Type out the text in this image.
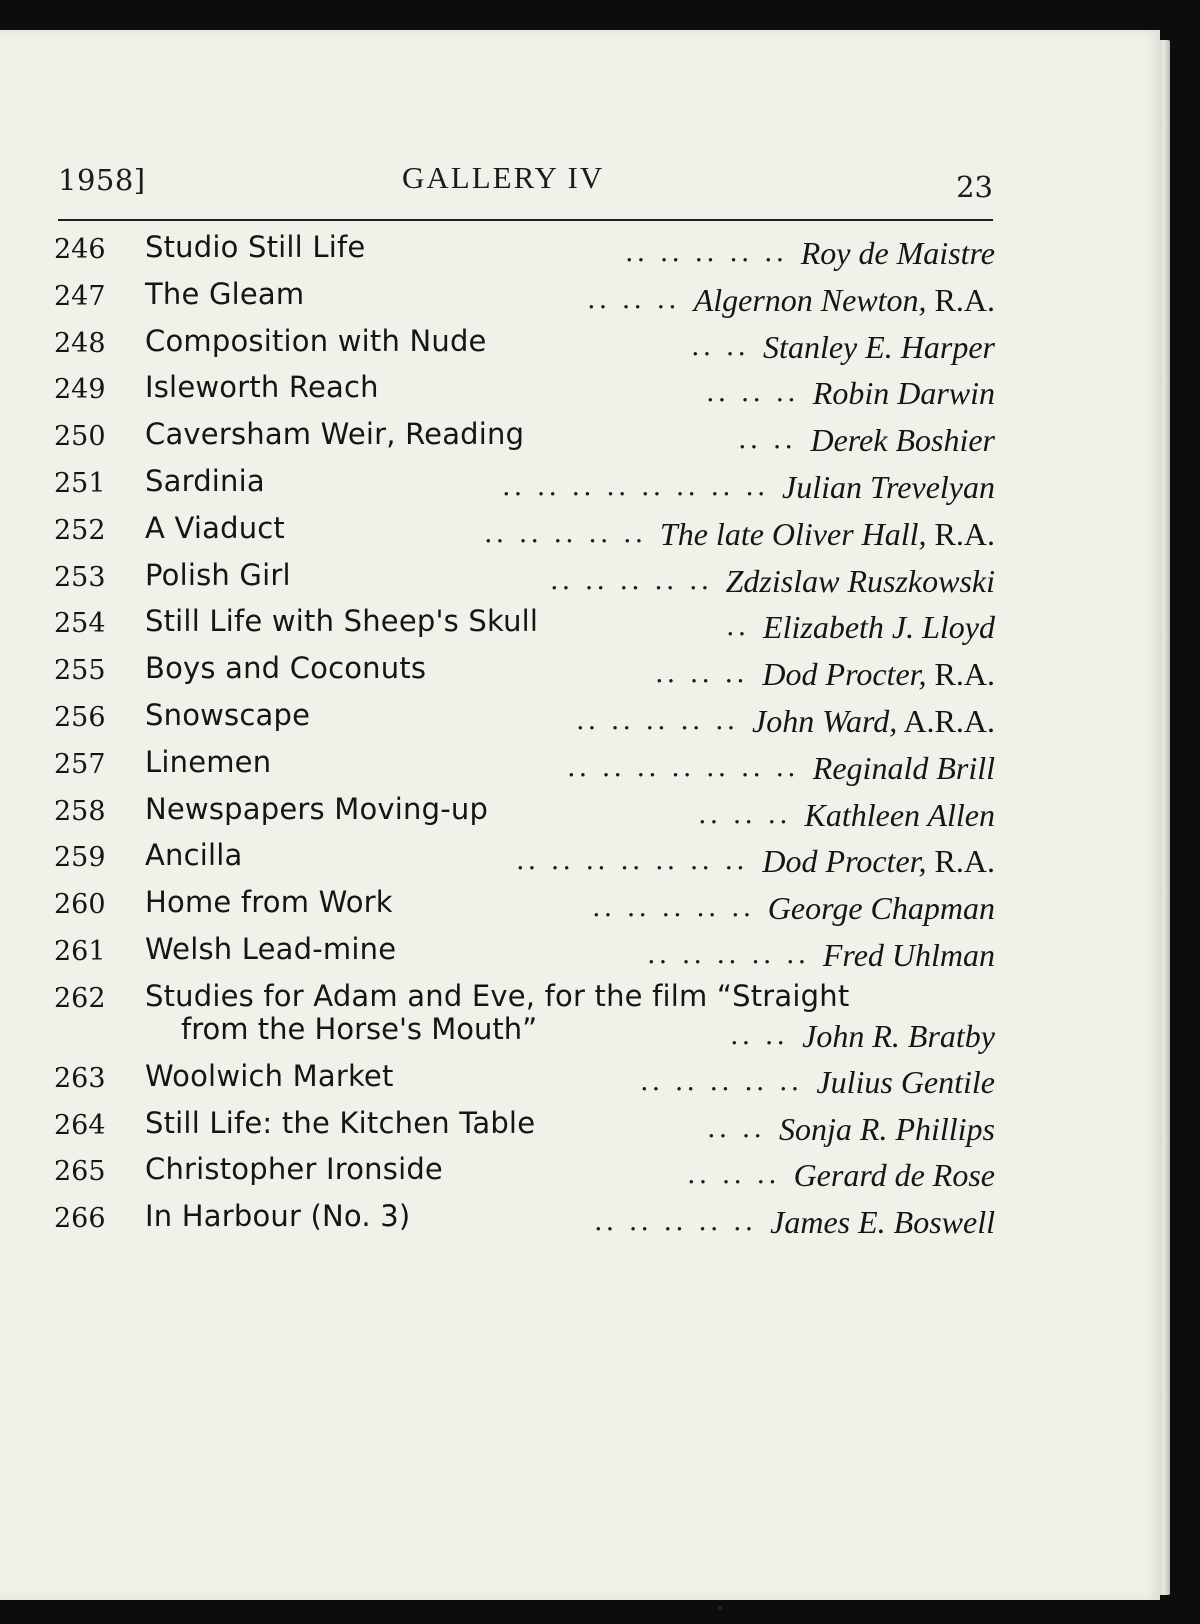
1958]	GALLERY IV	23
246	Studio Still Life	.. .. .. .. .. Roy de Maistre
247	The Gleam	.. .. .. Algernon Newton, R.A.
248	Composition with Nude	.. .. Stanley E. Harper
249	Isleworth Reach	.. .. .. Robin Darwin
250	Caversham Weir, Reading	.. .. Derek Boshier
251	Sardinia	.. .. .. .. .. .. .. .. Julian Trevelyan
252	A Viaduct	.. .. .. .. .. The late Oliver Hall, R.A.
253	Polish Girl	.. .. .. .. .. Zdzislaw Ruszkowski
254	Still Life with Sheep's Skull	.. Elizabeth J. Lloyd
255	Boys and Coconuts	.. .. .. Dod Procter, R.A.
256	Snowscape	.. .. .. .. .. John Ward, A.R.A.
257	Linemen	.. .. .. .. .. .. .. Reginald Brill
258	Newspapers Moving-up	.. .. .. Kathleen Allen
259	Ancilla	.. .. .. .. .. .. .. Dod Procter, R.A.
260	Home from Work	.. .. .. .. .. George Chapman
261	Welsh Lead-mine	.. .. .. .. .. Fred Uhlman
262	Studies for Adam and Eve, for the film “Straight
from the Horse's Mouth”	.. .. John R. Bratby
263	Woolwich Market	.. .. .. .. .. Julius Gentile
264	Still Life: the Kitchen Table	.. .. Sonja R. Phillips
265	Christopher Ironside	.. .. .. Gerard de Rose
266	In Harbour (No. 3)	.. .. .. .. .. James E. Boswell
